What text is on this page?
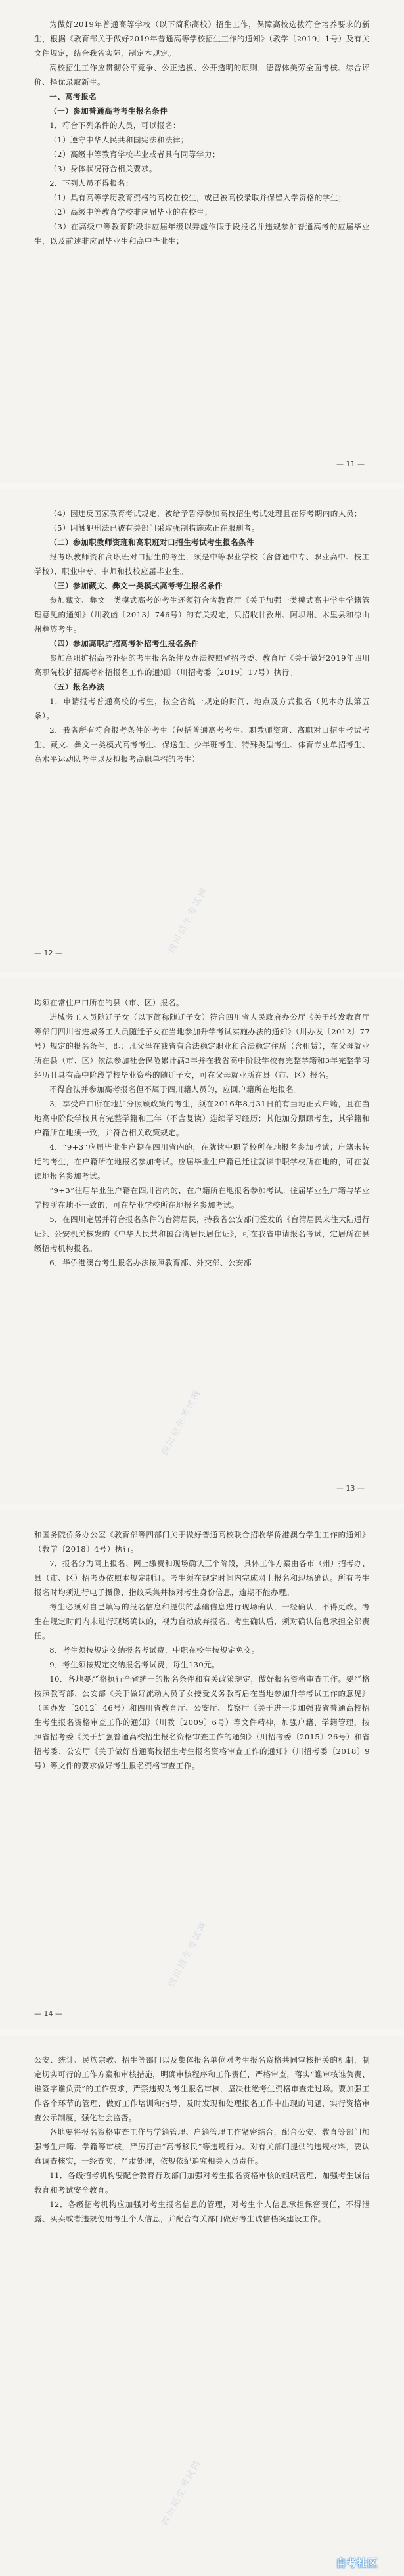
为做好2019年普通高等学校（以下简称高校）招生工作，保障高校选拔符合培养要求的新生，根据《教育部关于做好2019年普通高等学校招生工作的通知》（教学〔2019〕1号）及有关文件规定，结合我省实际，制定本规定。

高校招生工作应贯彻公平竞争、公正选拔、公开透明的原则，德智体美劳全面考核、综合评价、择优录取新生。

一、高考报名

（一）参加普通高考考生报名条件

1．符合下列条件的人员，可以报名：

（1）遵守中华人民共和国宪法和法律；

（2）高级中等教育学校毕业或者具有同等学力；

（3）身体状况符合相关要求。

2．下列人员不得报名：

（1）具有高等学历教育资格的高校在校生，或已被高校录取并保留入学资格的学生；

（2）高级中等教育学校非应届毕业的在校生；

（3）在高级中等教育阶段非应届年级以弄虚作假手段报名并违规参加普通高考的应届毕业生，以及前述非应届毕业生和高中毕业生；

— 11 —

（4）因违反国家教育考试规定，被给予暂停参加高校招生考试处理且在停考期内的人员；

（5）因触犯刑法已被有关部门采取强制措施或正在服刑者。

（二）参加职教师资班和高职班对口招生考试考生报名条件

报考职教师资和高职班对口招生的考生，须是中等职业学校（含普通中专、职业高中、技工学校）、职业中专、中师和技校应届毕业生。

（三）参加藏文、彝文一类模式高考考生报名条件

参加藏文、彝文一类模式高考的考生还须符合省教育厅《关于加强一类模式高中学生学籍管理意见的通知》（川教函〔2013〕746号）的有关规定，只招收甘孜州、阿坝州、木里县和凉山州彝族考生。

（四）参加高职扩招高考补招考生报名条件

参加高职扩招高考补招的考生报名条件及办法按照省招考委、教育厅《关于做好2019年四川高职院校扩招高考补招报名工作的通知》（川招考委〔2019〕17号）执行。

（五）报名办法

1．申请报考普通高校的考生，按全省统一规定的时间、地点及方式报名（见本办法第五条）。

2．我省所有符合报考条件的考生（包括普通高考考生、职教师资班、高职对口招生考试考生、藏文、彝文一类模式高考考生、保送生、少年班考生、特殊类型考生、体育专业单招考生、高水平运动队考生以及拟报考高职单招的考生）

— 12 —	四川招生考试网

均须在常住户口所在的县（市、区）报名。

进城务工人员随迁子女（以下简称随迁子女）符合四川省人民政府办公厅《关于转发教育厅等部门四川省进城务工人员随迁子女在当地参加升学考试实施办法的通知》（川办发〔2012〕77号）规定的报名条件，即：凡父母在我省有合法稳定职业和合法稳定住所（含租赁），在父母就业所在县（市、区）依法参加社会保险累计满3年并在我省高中阶段学校有完整学籍和3年完整学习经历且具有高中阶段学校毕业资格的随迁子女，可在父母就业所在县（市、区）报名。

不得合法并参加高考报名但不属于四川籍人员的，应回户籍所在地报名。

3．享受户口所在地加分照顾政策的考生，须在2016年8月31日前有当地正式户籍，且在当地高中阶段学校具有完整学籍和三年（不含复读）连续学习经历；其他加分照顾考生，其学籍和户籍所在地须一致，并符合相关政策规定。

4．“9+3”应届毕业生户籍在四川省内的，在就读中职学校所在地报名参加考试；户籍未转迁的考生，在户籍所在地报名参加考试。应届毕业生户籍已迁往就读中职学校所在地的，可在就读地报名参加考试。

“9+3”往届毕业生户籍在四川省内的，在户籍所在地报名参加考试。往届毕业生户籍与毕业学校所在地不一致的，可在毕业学校所在地报名参加考试。

5．在四川定居并符合报名条件的台湾居民，持我省公安部门签发的《台湾居民来往大陆通行证》、公安机关核发的《中华人民共和国台湾居民居住证》，可在我省申请报名考试，定居所在县级招考机构报名。

6．华侨港澳台考生报名办法按照教育部、外交部、公安部

— 13 —
四川招生考试网

和国务院侨务办公室《教育部等四部门关于做好普通高校联合招收华侨港澳台学生工作的通知》（教学〔2018〕4号）执行。

7．报名分为网上报名、网上缴费和现场确认三个阶段，具体工作方案由各市（州）招考办、县（市、区）招考办依照本规定制订。考生须在规定时间内完成网上报名和现场确认。所有考生报名时均须进行电子摄像、指纹采集并核对考生身份信息，逾期不能办理。

考生必须对自己填写的报名信息和提供的基础信息进行现场确认，一经确认，不得更改。考生在规定时间内未进行现场确认的，视为自动放弃报名。考生确认后，须对确认信息承担全部责任。

8．考生须按规定交纳报名考试费，中职在校生按规定免交。

9．考生须按规定交纳报名考试费，每生130元。

10．各地要严格执行全省统一的报名条件和有关政策规定，做好报名资格审查工作。要严格按照教育部、公安部《关于做好流动人员子女接受义务教育后在当地参加升学考试工作的意见》（国办发〔2012〕46号）和四川省教育厅、公安厅、监察厅《关于进一步加强我省普通高校招生考生报名资格审查工作的通知》（川教〔2009〕6号）等文件精神，加强户籍、学籍管理，按照省招考委《关于加强普通高校招生报名资格审查工作的通知》（川招考委〔2015〕26号）和省招考委、公安厅《关于做好普通高校招生考生报名资格审查工作的通知》（川招考委〔2018〕9号）等文件的要求做好考生报名资格审查工作。

— 14 —
四川招生考试网

公安、统计、民族宗教、招生等部门以及集体报名单位对考生报名资格共同审核把关的机制，制定切实可行的工作方案和审核措施，明确审核程序和工作责任，严格审查，落实“谁审核谁负责、谁签字谁负责”的工作要求，严禁违规为考生报名审核，坚决杜绝考生资格审查走过场。要加强工作各个环节的管理，做好工作培训和指导，及时发现和处理报名工作中出现的问题，实行资格审查公示制度，强化社会监督。

各地要将报名资格审查工作与学籍管理、户籍管理工作紧密结合，配合公安、教育等部门加强考生户籍、学籍等审核，严厉打击“高考移民”等违规行为。对有关部门提供的违规材料，要认真调查核实，一经查实，严肃处理，依规依纪追究相关人员责任。

11．各级招考机构要配合教育行政部门加强对考生报名资格审核的组织管理，加强考生诚信教育和考试安全教育。

12．各级招考机构应加强对考生报名信息的管理，对考生个人信息承担保密责任，不得泄露、买卖或者违规使用考生个人信息，并配合有关部门做好考生诚信档案建设工作。

四川招生考试网
自考社区
